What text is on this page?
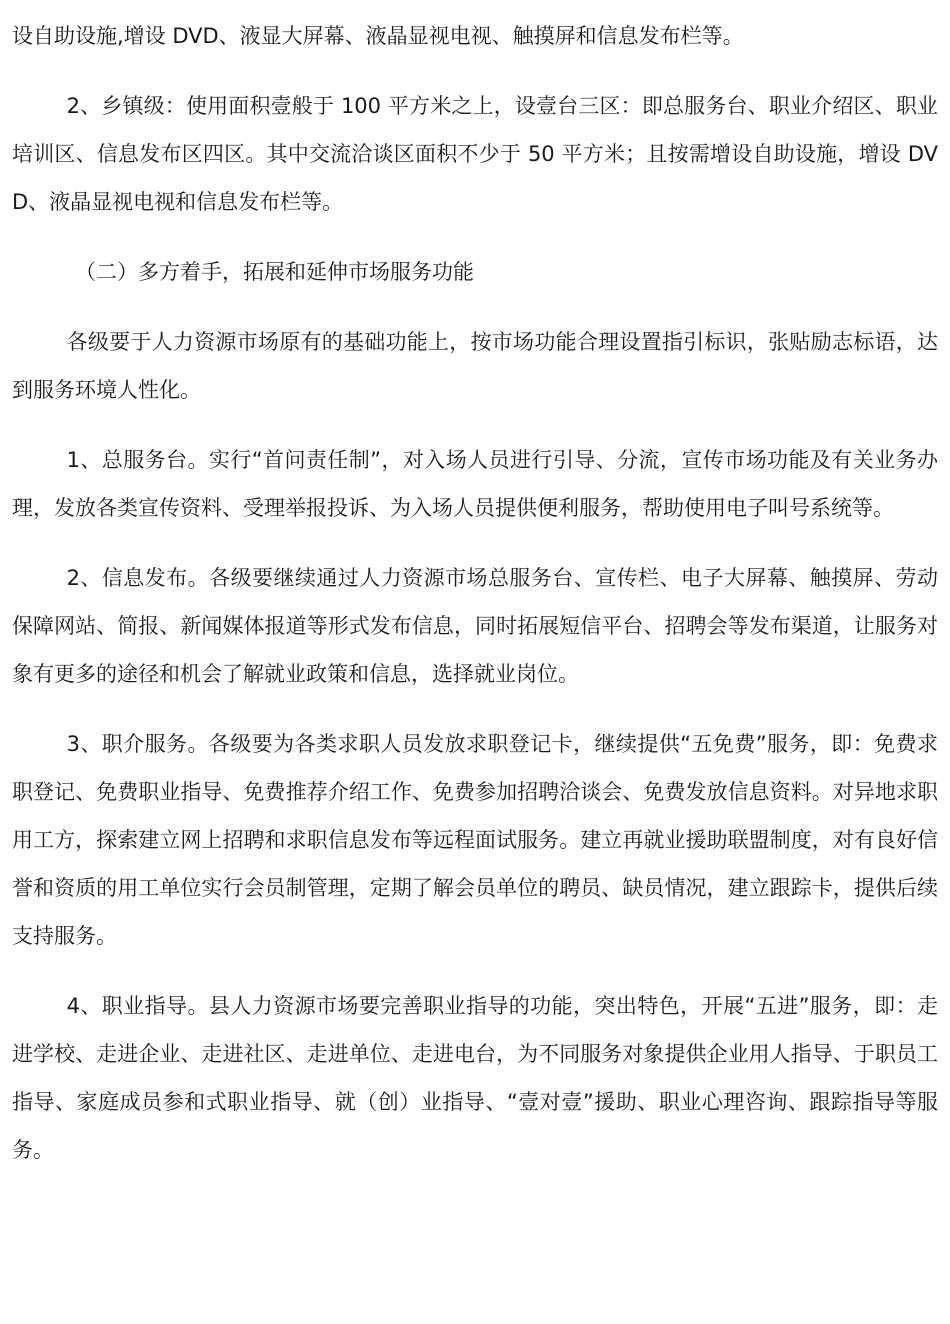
设自助设施,增设 DVD、液显大屏幕、液晶显视电视、触摸屏和信息发布栏等。

2、乡镇级：使用面积壹般于 100 平方米之上，设壹台三区：即总服务台、职业介绍区、职业培训区、信息发布区四区。其中交流洽谈区面积不少于 50 平方米；且按需增设自助设施，增设 DVD、液晶显视电视和信息发布栏等。

（二）多方着手，拓展和延伸市场服务功能

各级要于人力资源市场原有的基础功能上，按市场功能合理设置指引标识，张贴励志标语，达到服务环境人性化。

1、总服务台。实行“首问责任制”，对入场人员进行引导、分流，宣传市场功能及有关业务办理，发放各类宣传资料、受理举报投诉、为入场人员提供便利服务，帮助使用电子叫号系统等。

2、信息发布。各级要继续通过人力资源市场总服务台、宣传栏、电子大屏幕、触摸屏、劳动保障网站、简报、新闻媒体报道等形式发布信息，同时拓展短信平台、招聘会等发布渠道，让服务对象有更多的途径和机会了解就业政策和信息，选择就业岗位。

3、职介服务。各级要为各类求职人员发放求职登记卡，继续提供“五免费”服务，即：免费求职登记、免费职业指导、免费推荐介绍工作、免费参加招聘洽谈会、免费发放信息资料。对异地求职用工方，探索建立网上招聘和求职信息发布等远程面试服务。建立再就业援助联盟制度，对有良好信誉和资质的用工单位实行会员制管理，定期了解会员单位的聘员、缺员情况，建立跟踪卡，提供后续支持服务。

4、职业指导。县人力资源市场要完善职业指导的功能，突出特色，开展“五进”服务，即：走进学校、走进企业、走进社区、走进单位、走进电台，为不同服务对象提供企业用人指导、于职员工指导、家庭成员参和式职业指导、就（创）业指导、“壹对壹”援助、职业心理咨询、跟踪指导等服务。
